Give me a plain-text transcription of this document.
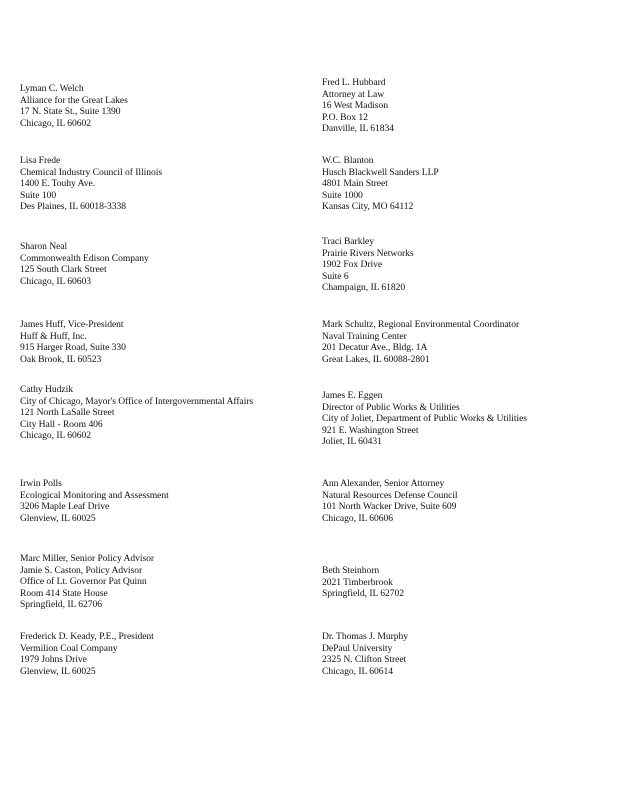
Lyman C. Welch
Alliance for the Great Lakes
17 N. State St., Suite 1390
Chicago, IL 60602
Fred L. Hubbard
Attorney at Law
16 West Madison
P.O. Box 12
Danville, IL 61834
Lisa Frede
Chemical Industry Council of Illinois
1400 E. Touhy Ave.
Suite 100
Des Plaines, IL 60018-3338
W.C. Blanton
Husch Blackwell Sanders LLP
4801 Main Street
Suite 1000
Kansas City, MO 64112
Sharon Neal
Commonwealth Edison Company
125 South Clark Street
Chicago, IL 60603
Traci Barkley
Prairie Rivers Networks
1902 Fox Drive
Suite 6
Champaign, IL 61820
James Huff, Vice-President
Huff & Huff, Inc.
915 Harger Road, Suite 330
Oak Brook, IL 60523
Mark Schultz, Regional Environmental Coordinator
Naval Training Center
201 Decatur Ave., Bldg. 1A
Great Lakes, IL 60088-2801
Cathy Hudzik
City of Chicago, Mayor's Office of Intergovernmental Affairs
121 North LaSalle Street
City Hall - Room 406
Chicago, IL 60602
James E. Eggen
Director of Public Works & Utilities
City of Joliet, Department of Public Works & Utilities
921 E. Washington Street
Joliet, IL 60431
Irwin Polls
Ecological Monitoring and Assessment
3206 Maple Leaf Drive
Glenview, IL 60025
Ann Alexander, Senior Attorney
Natural Resources Defense Council
101 North Wacker Drive, Suite 609
Chicago, IL 60606
Marc Miller, Senior Policy Advisor
Jamie S. Caston, Policy Advisor
Office of Lt. Governor Pat Quinn
Room 414 State House
Springfield, IL 62706
Beth Steinhorn
2021 Timberbrook
Springfield, IL 62702
Frederick D. Keady, P.E., President
Vermilion Coal Company
1979 Johns Drive
Glenview, IL 60025
Dr. Thomas J. Murphy
DePaul University
2325 N. Clifton Street
Chicago, IL 60614
